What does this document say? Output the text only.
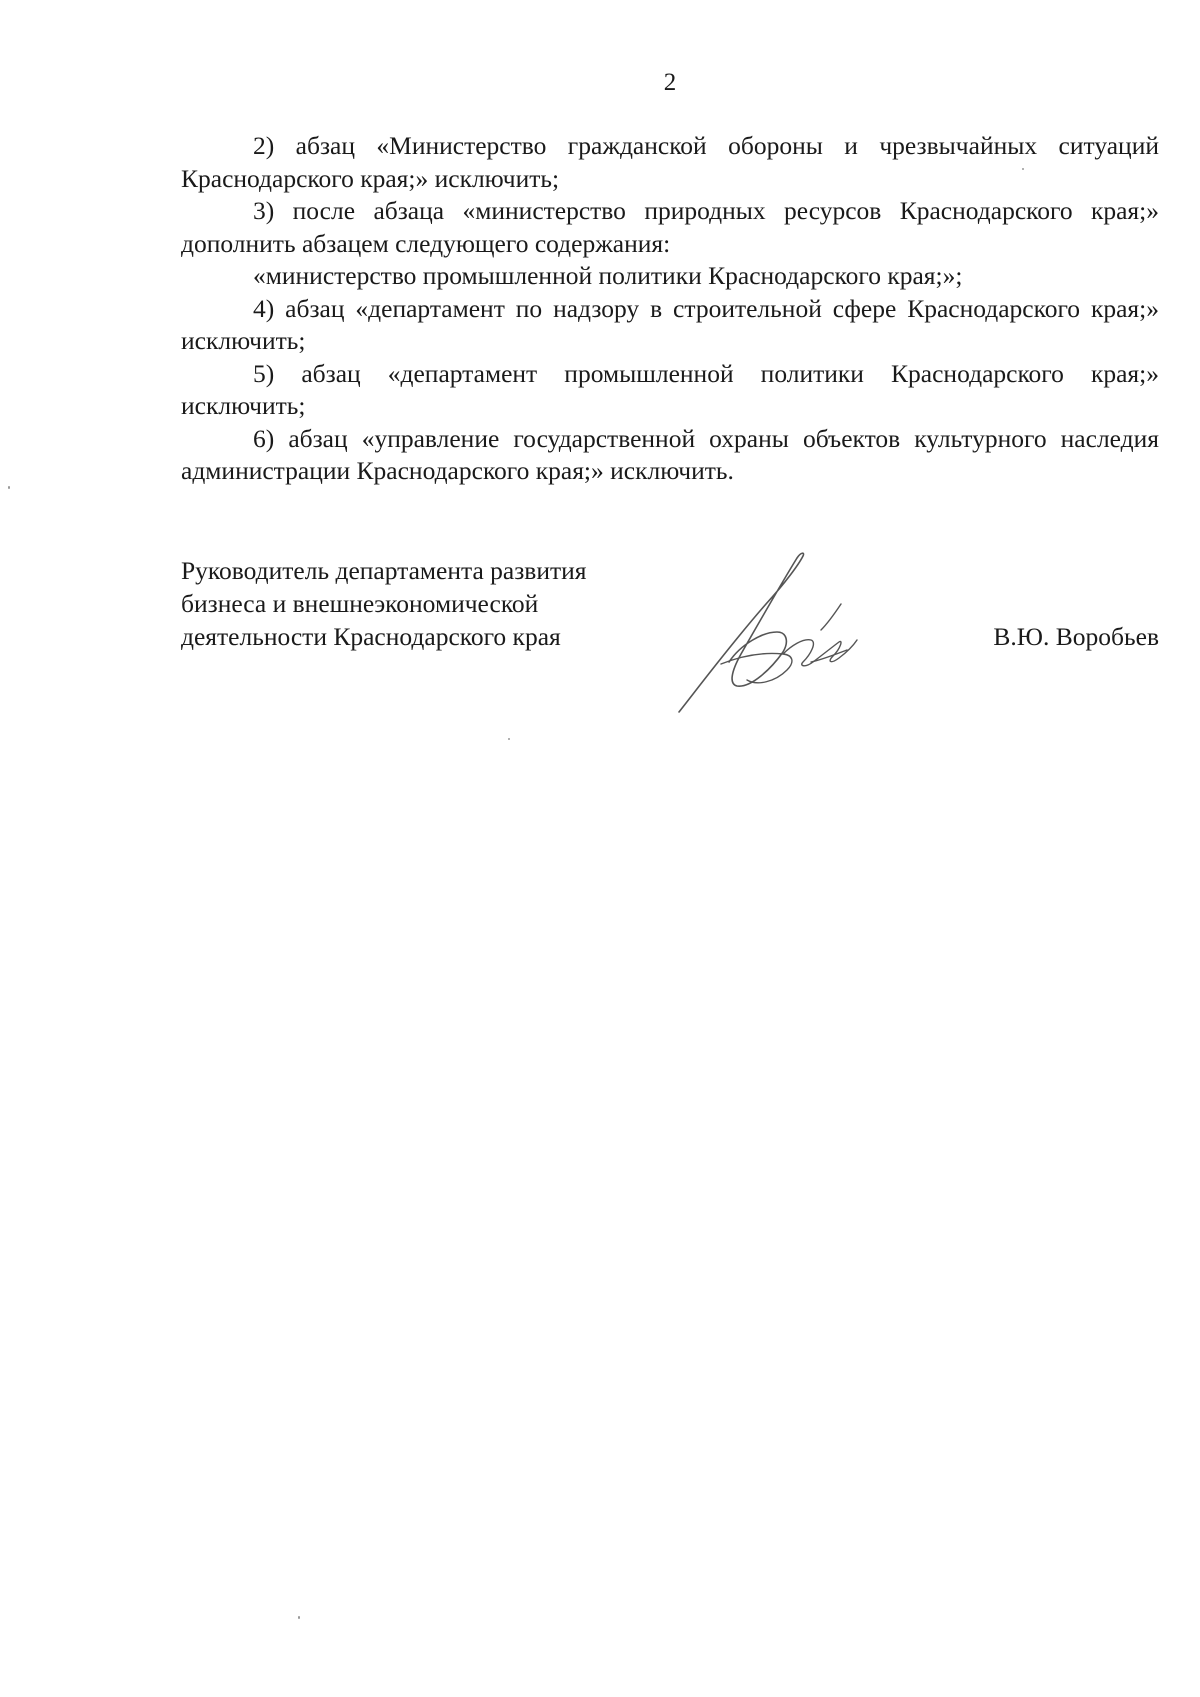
2

2) абзац «Министерство гражданской обороны и чрезвычайных ситуаций Краснодарского края;» исключить;

3) после абзаца «министерство природных ресурсов Краснодарского края;» дополнить абзацем следующего содержания:

«министерство промышленной политики Краснодарского края;»;

4) абзац «департамент по надзору в строительной сфере Краснодарского края;» исключить;

5) абзац «департамент промышленной политики Краснодарского края;» исключить;

6) абзац «управление государственной охраны объектов культурного наследия администрации Краснодарского края;» исключить.

Руководитель департамента развития
бизнеса и внешнеэкономической
деятельности Краснодарского края	В.Ю. Воробьев
